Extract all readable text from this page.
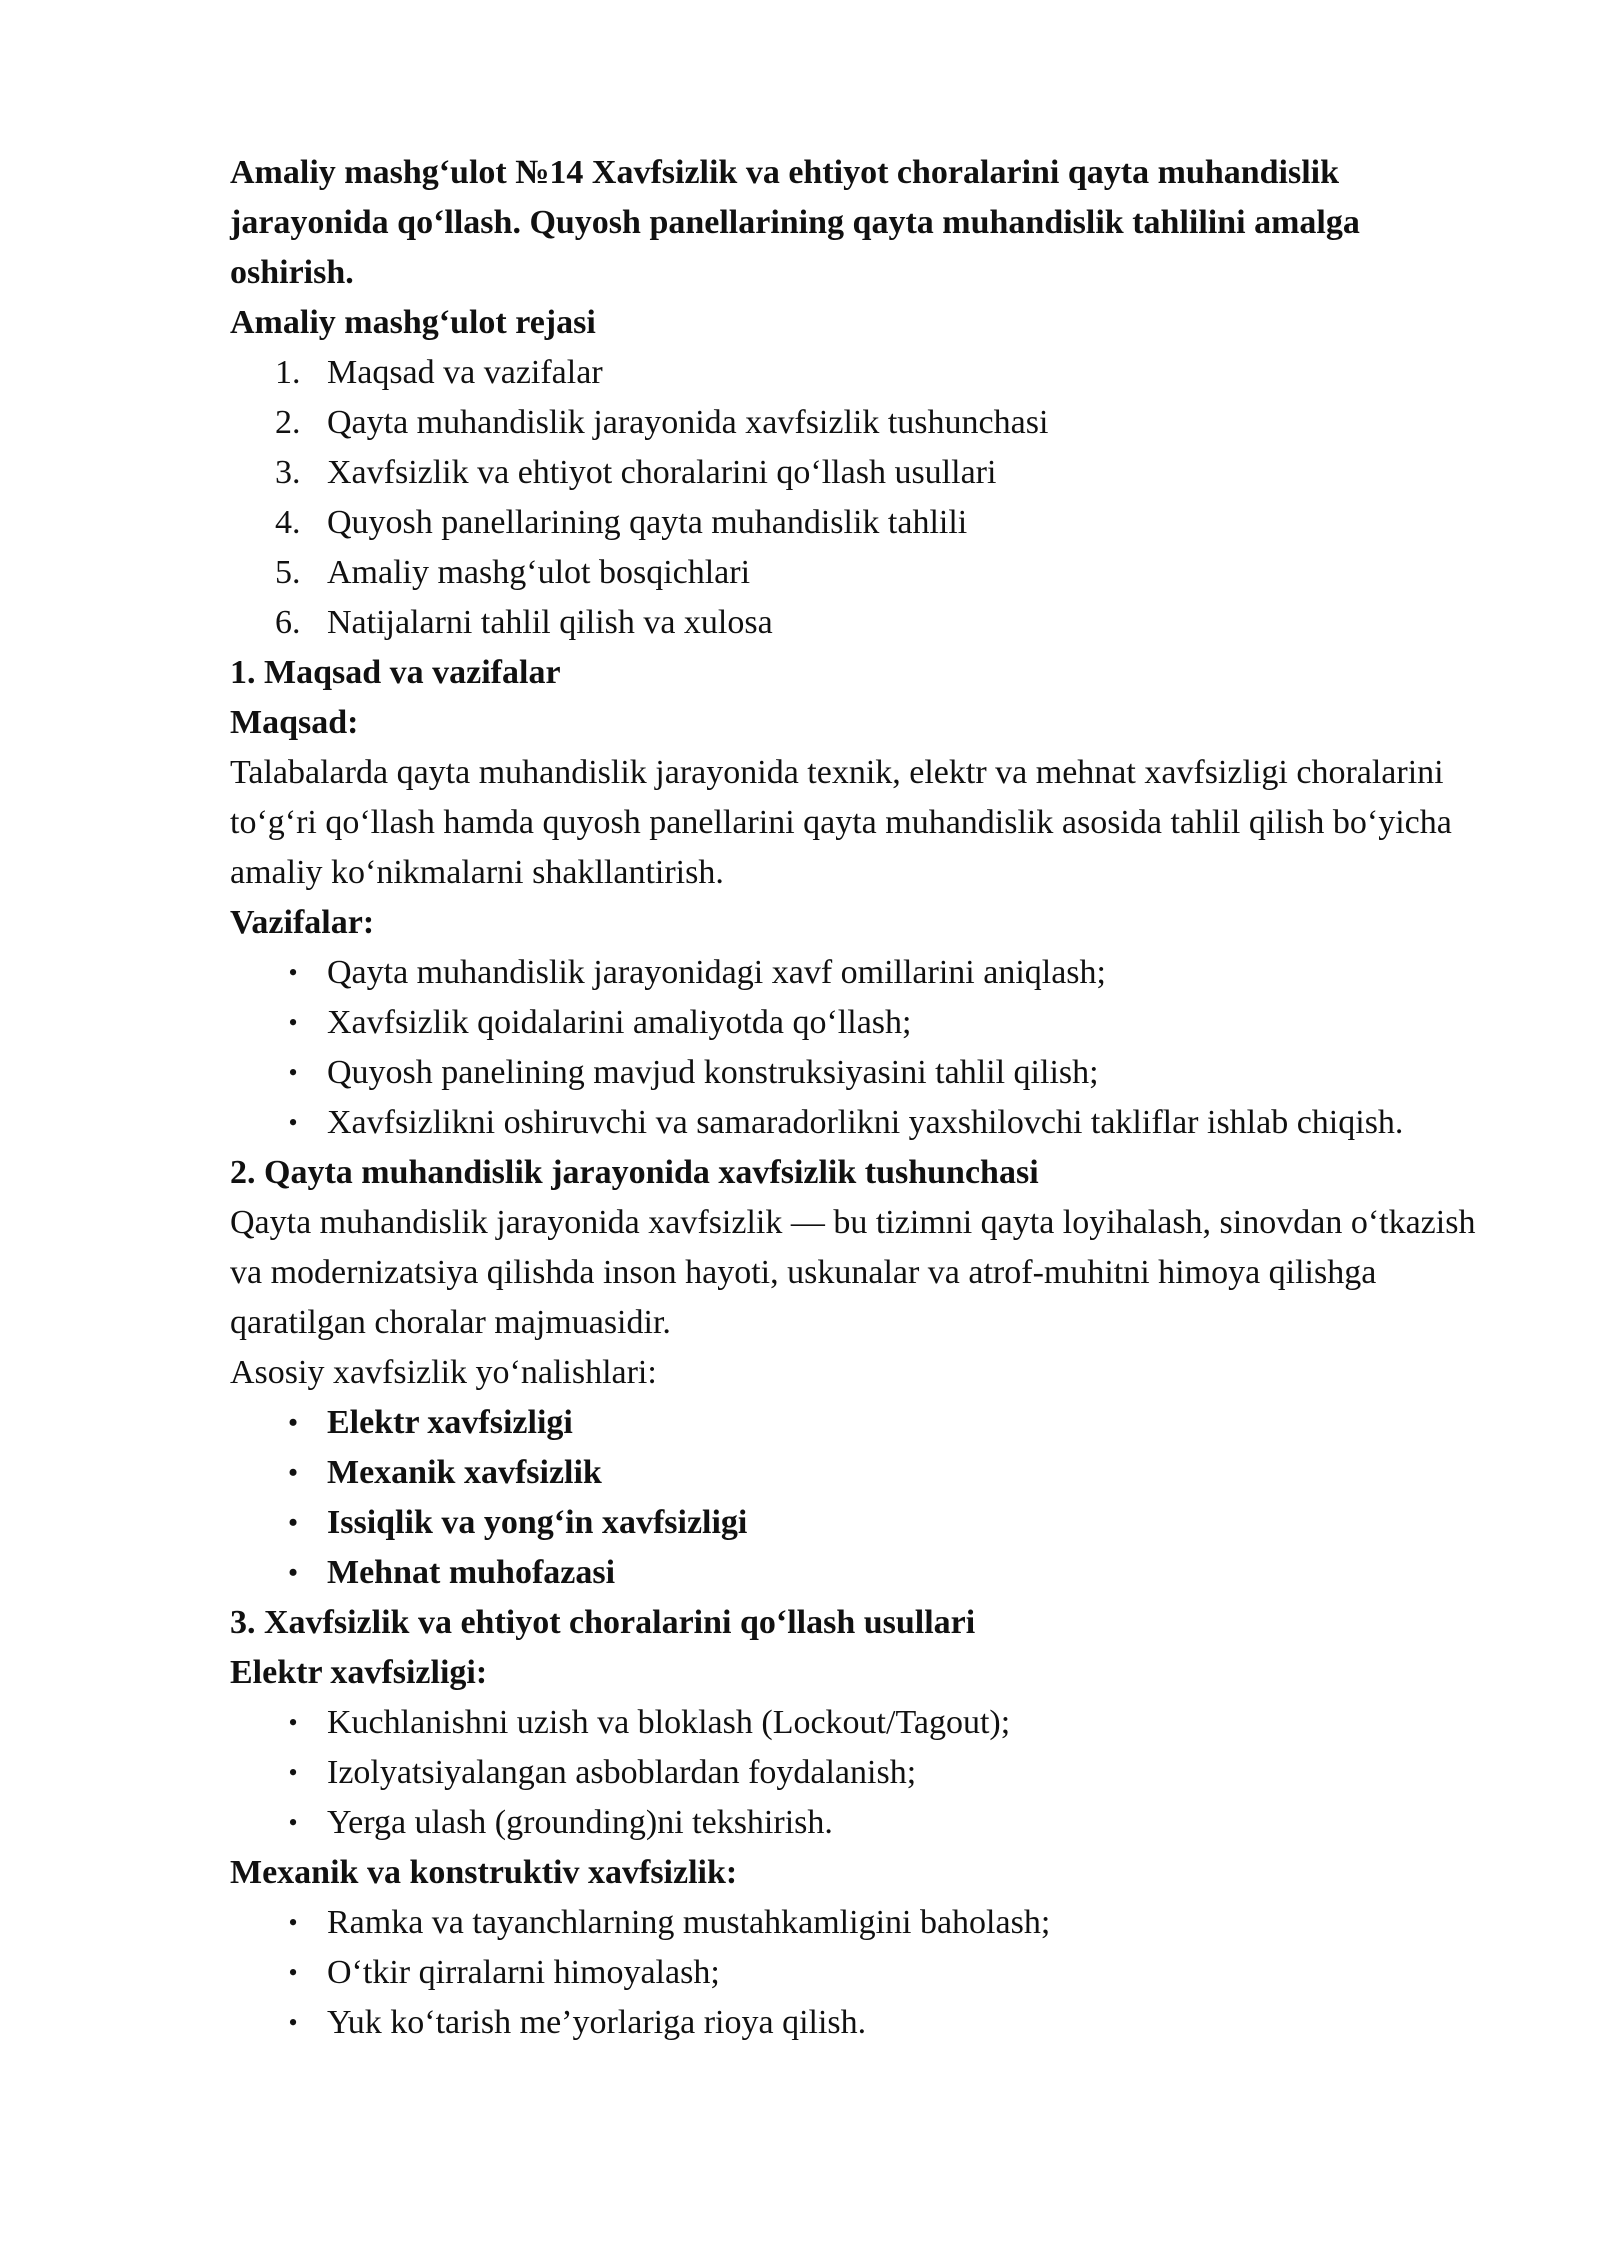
Amaliy mashg‘ulot №14 Xavfsizlik va ehtiyot choralarini qayta muhandislik jarayonida qo‘llash. Quyosh panellarining qayta muhandislik tahlilini amalga oshirish.

Amaliy mashg‘ulot rejasi

1. Maqsad va vazifalar
2. Qayta muhandislik jarayonida xavfsizlik tushunchasi
3. Xavfsizlik va ehtiyot choralarini qo‘llash usullari
4. Quyosh panellarining qayta muhandislik tahlili
5. Amaliy mashg‘ulot bosqichlari
6. Natijalarni tahlil qilish va xulosa

1. Maqsad va vazifalar

Maqsad:

Talabalarda qayta muhandislik jarayonida texnik, elektr va mehnat xavfsizligi choralarini to‘g‘ri qo‘llash hamda quyosh panellarini qayta muhandislik asosida tahlil qilish bo‘yicha amaliy ko‘nikmalarni shakllantirish.

Vazifalar:

• Qayta muhandislik jarayonidagi xavf omillarini aniqlash;
• Xavfsizlik qoidalarini amaliyotda qo‘llash;
• Quyosh panelining mavjud konstruksiyasini tahlil qilish;
• Xavfsizlikni oshiruvchi va samaradorlikni yaxshilovchi takliflar ishlab chiqish.

2. Qayta muhandislik jarayonida xavfsizlik tushunchasi

Qayta muhandislik jarayonida xavfsizlik — bu tizimni qayta loyihalash, sinovdan o‘tkazish va modernizatsiya qilishda inson hayoti, uskunalar va atrof-muhitni himoya qilishga qaratilgan choralar majmuasidir.

Asosiy xavfsizlik yo‘nalishlari:

• Elektr xavfsizligi
• Mexanik xavfsizlik
• Issiqlik va yong‘in xavfsizligi
• Mehnat muhofazasi

3. Xavfsizlik va ehtiyot choralarini qo‘llash usullari

Elektr xavfsizligi:

• Kuchlanishni uzish va bloklash (Lockout/Tagout);
• Izolyatsiyalangan asboblardan foydalanish;
• Yerga ulash (grounding)ni tekshirish.

Mexanik va konstruktiv xavfsizlik:

• Ramka va tayanchlarning mustahkamligini baholash;
• O‘tkir qirralarni himoyalash;
• Yuk ko‘tarish me’yorlariga rioya qilish.
